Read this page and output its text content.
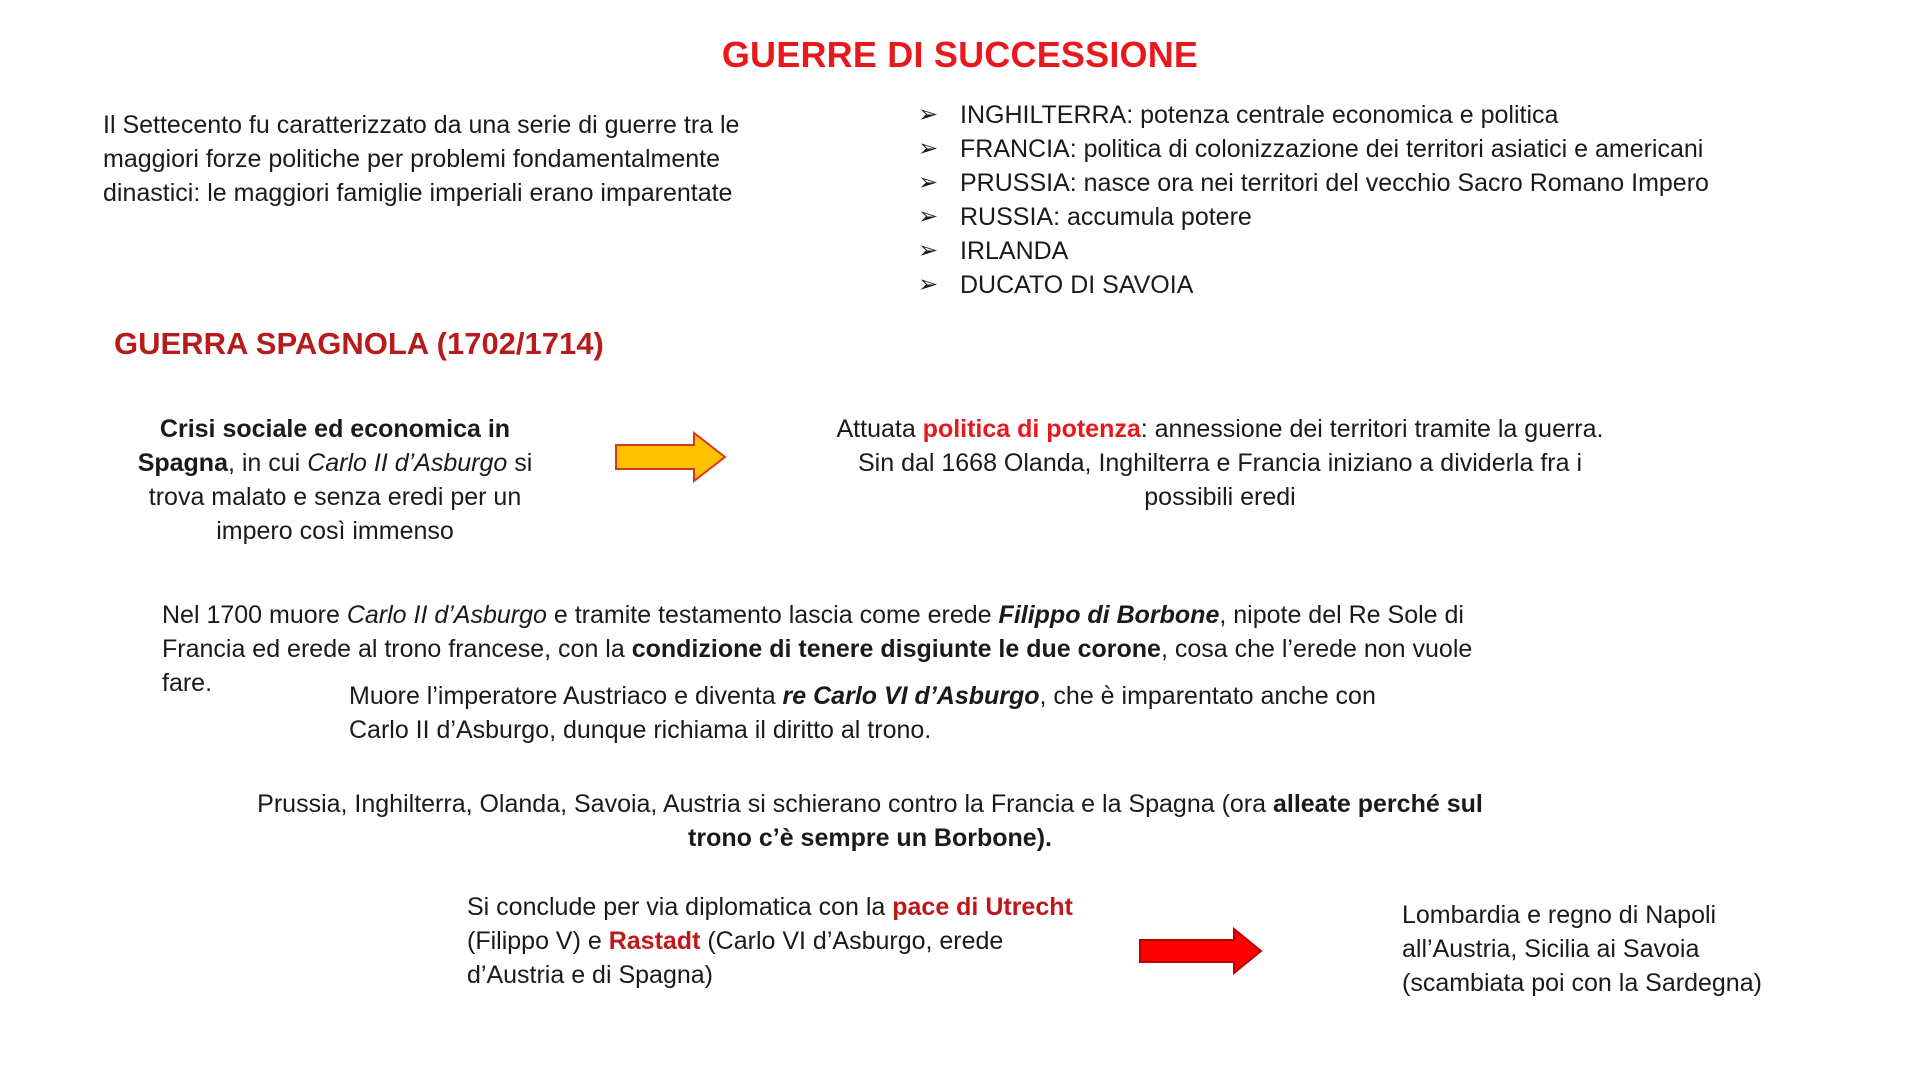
GUERRE DI SUCCESSIONE
Il Settecento fu caratterizzato da una serie di guerre tra le maggiori forze politiche per problemi fondamentalmente dinastici: le maggiori famiglie imperiali erano imparentate
➢ INGHILTERRA: potenza centrale economica e politica
➢ FRANCIA: politica di colonizzazione dei territori asiatici e americani
➢ PRUSSIA: nasce ora nei territori del vecchio Sacro Romano Impero
➢ RUSSIA: accumula potere
➢ IRLANDA
➢ DUCATO DI SAVOIA
GUERRA SPAGNOLA (1702/1714)
Crisi sociale ed economica in Spagna, in cui Carlo II d’Asburgo si trova malato e senza eredi per un impero così immenso
Attuata politica di potenza: annessione dei territori tramite la guerra. Sin dal 1668 Olanda, Inghilterra e Francia iniziano a dividerla fra i possibili eredi
Nel 1700 muore Carlo II d’Asburgo e tramite testamento lascia come erede Filippo di Borbone, nipote del Re Sole di Francia ed erede al trono francese, con la condizione di tenere disgiunte le due corone, cosa che l’erede non vuole fare.	Muore l’imperatore Austriaco e diventa re Carlo VI d’Asburgo, che è imparentato anche con Carlo II d’Asburgo, dunque richiama il diritto al trono.
Prussia, Inghilterra, Olanda, Savoia, Austria si schierano contro la Francia e la Spagna (ora alleate perché sul trono c’è sempre un Borbone).
Si conclude per via diplomatica con la pace di Utrecht (Filippo V) e Rastadt (Carlo VI d’Asburgo, erede d’Austria e di Spagna)
Lombardia e regno di Napoli all’Austria, Sicilia ai Savoia (scambiata poi con la Sardegna)
